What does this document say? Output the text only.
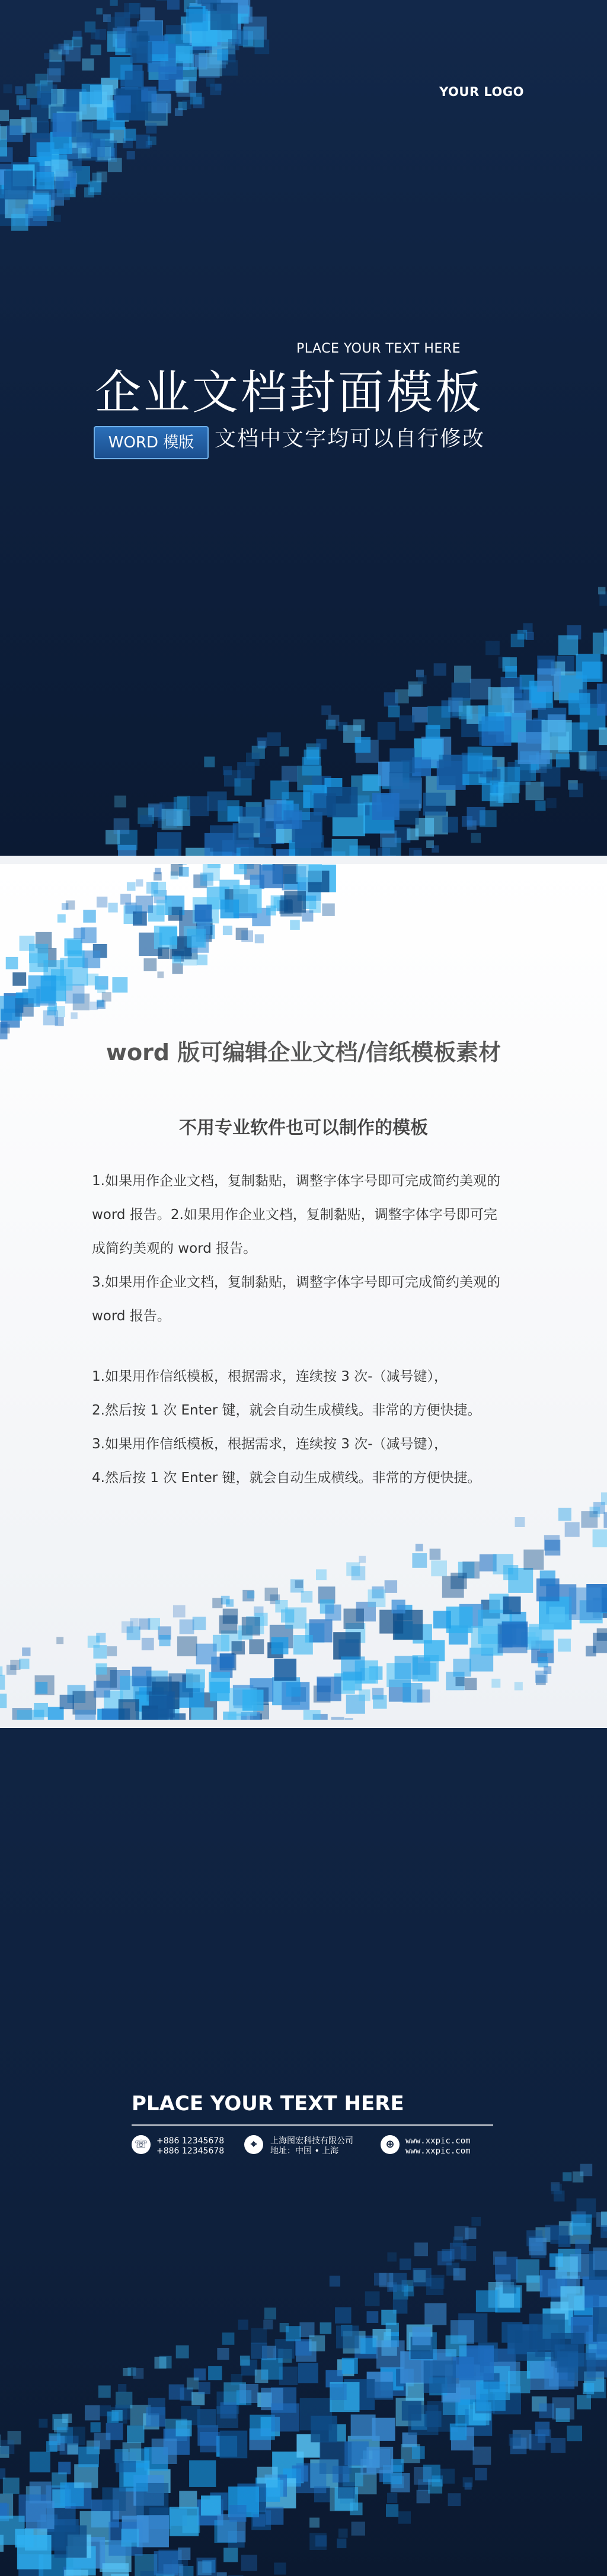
YOUR LOGO
PLACE YOUR TEXT HERE
企业文档封面模板
WORD 模版 文档中文字均可以自行修改
word 版可编辑企业文档/信纸模板素材
不用专业软件也可以制作的模板
1.如果用作企业文档，复制黏贴，调整字体字号即可完成简约美观的
word 报告。2.如果用作企业文档，复制黏贴，调整字体字号即可完
成简约美观的 word 报告。
3.如果用作企业文档，复制黏贴，调整字体字号即可完成简约美观的
word 报告。
1.如果用作信纸模板，根据需求，连续按 3 次-（减号键），
2.然后按 1 次 Enter 键，就会自动生成横线。非常的方便快捷。
3.如果用作信纸模板，根据需求，连续按 3 次-（减号键），
4.然后按 1 次 Enter 键，就会自动生成横线。非常的方便快捷。
PLACE YOUR TEXT HERE
☏	+886 12345678
+886 12345678
⌖	上海图宏科技有限公司
地址：中国 • 上海
⊕	www.xxpic.com
www.xxpic.com
